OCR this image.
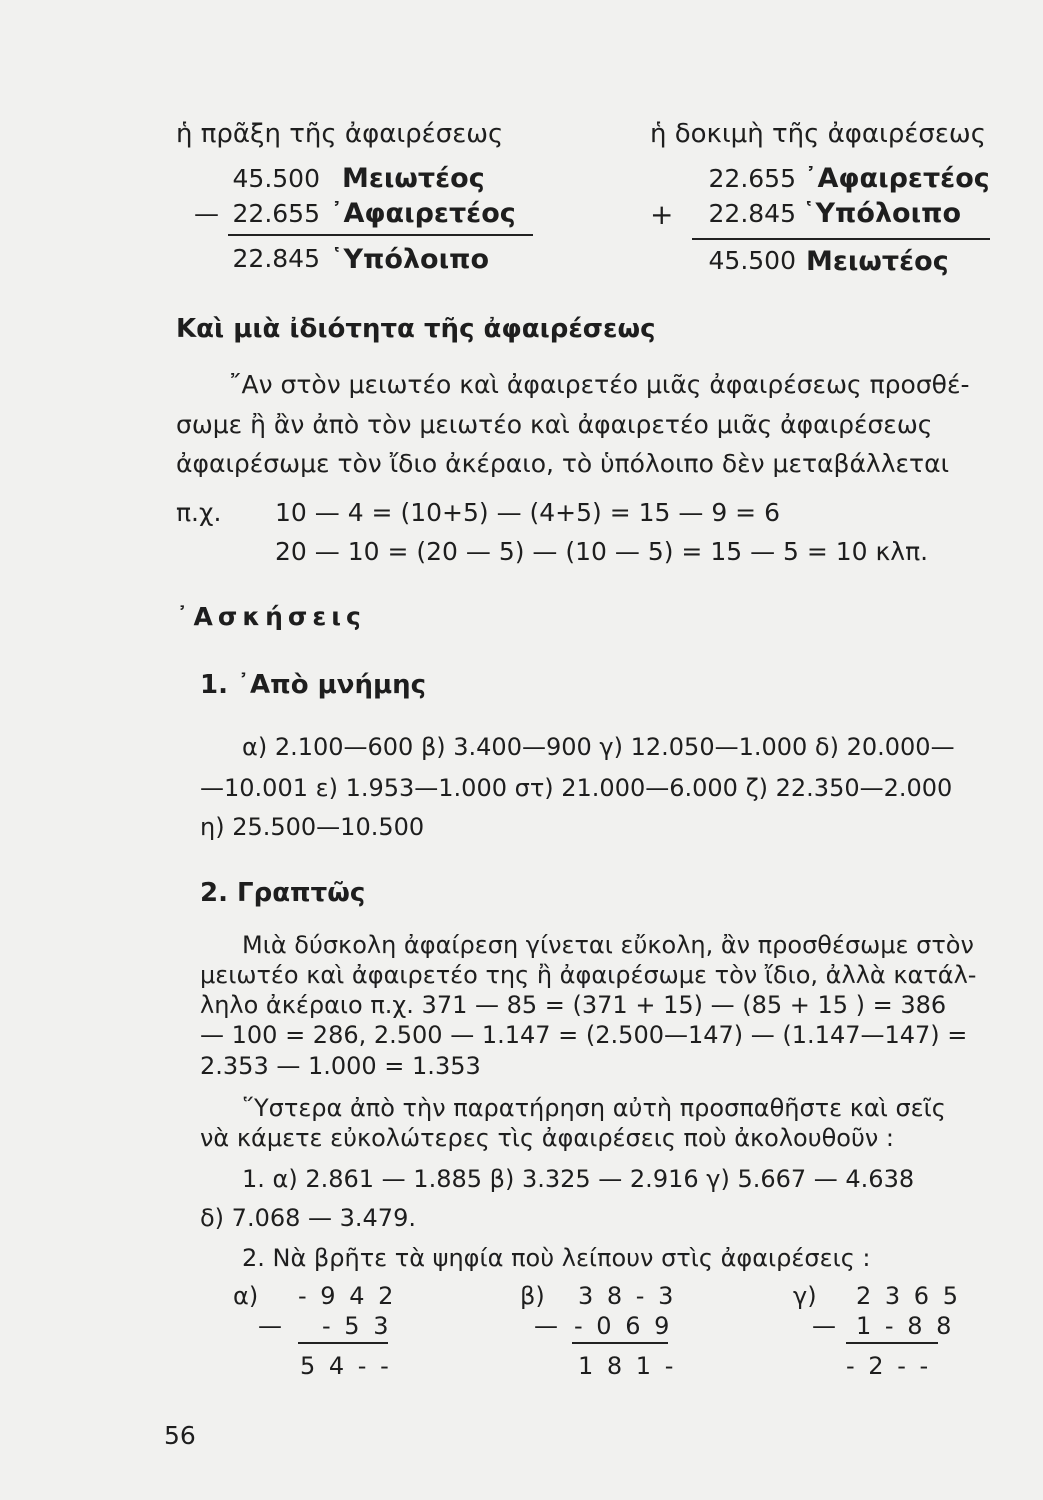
ἡ πρᾶξη τῆς ἀφαιρέσεως	ἡ δοκιμὴ τῆς ἀφαιρέσεως
45.500 Μειωτέος
— 22.655 ᾿Αφαιρετέος
22.845 ῾Υπόλοιπο
22.655 ᾿Αφαιρετέος
+	22.845 ῾Υπόλοιπο
45.500 Μειωτέος
Καὶ μιὰ ἰδιότητα τῆς ἀφαιρέσεως
῎Αν στὸν μειωτέο καὶ ἀφαιρετέο μιᾶς ἀφαιρέσεως προσθέ-
σωμε ἢ ἂν ἀπὸ τὸν μειωτέο καὶ ἀφαιρετέο μιᾶς ἀφαιρέσεως
ἀφαιρέσωμε τὸν ἴδιο ἀκέραιο, τὸ ὑπόλοιπο δὲν μεταβάλλεται
π.χ. 10 — 4 = (10+5) — (4+5) = 15 — 9 = 6
20 — 10 = (20 — 5) — (10 — 5) = 15 — 5 = 10 κλπ.
᾿Ασκήσεις
1. ᾿Απὸ μνήμης
α) 2.100—600 β) 3.400—900 γ) 12.050—1.000 δ) 20.000—
—10.001 ε) 1.953—1.000 στ) 21.000—6.000 ζ) 22.350—2.000
η) 25.500—10.500
2. Γραπτῶς
Μιὰ δύσκολη ἀφαίρεση γίνεται εὔκολη, ἂν προσθέσωμε στὸν
μειωτέο καὶ ἀφαιρετέο της ἢ ἀφαιρέσωμε τὸν ἴδιο, ἀλλὰ κατάλ-
ληλο ἀκέραιο π.χ. 371 — 85 = (371 + 15) — (85 + 15 ) = 386
— 100 = 286, 2.500 — 1.147 = (2.500—147) — (1.147—147) =
2.353 — 1.000 = 1.353
῞Υστερα ἀπὸ τὴν παρατήρηση αὐτὴ προσπαθῆστε καὶ σεῖς
νὰ κάμετε εὐκολώτερες τὶς ἀφαιρέσεις ποὺ ἀκολουθοῦν :
1. α) 2.861 — 1.885 β) 3.325 — 2.916 γ) 5.667 — 4.638
δ) 7.068 — 3.479.
2. Νὰ βρῆτε τὰ ψηφία ποὺ λείπουν στὶς ἀφαιρέσεις :
α) - 9 4 2
— - 5 3
5 4 - -
β) 3 8 - 3
— - 0 6 9
1 8 1 -
γ) 2 3 6 5
— 1 - 8 8
- 2 - -
56
